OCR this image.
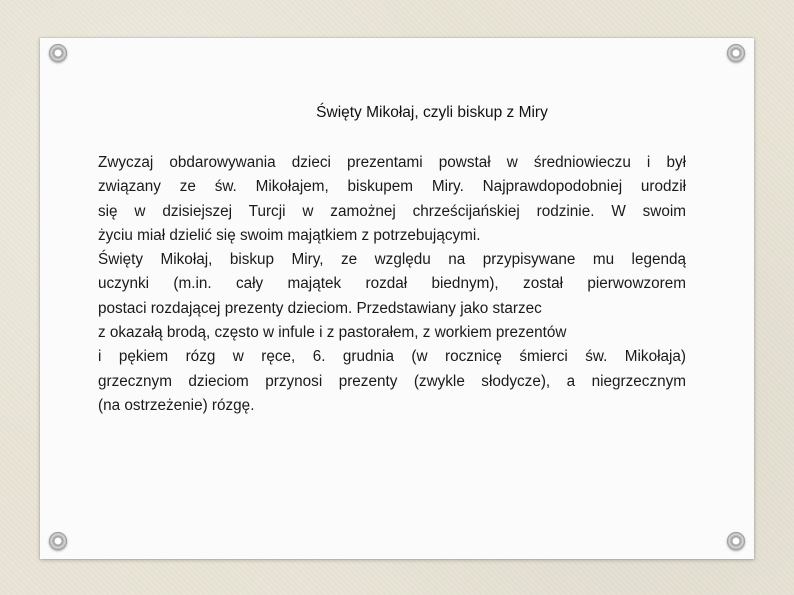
Święty Mikołaj, czyli biskup z Miry
Zwyczaj obdarowywania dzieci prezentami powstał w średniowieczu i był
związany ze św. Mikołajem, biskupem Miry. Najprawdopodobniej urodził
się w dzisiejszej Turcji w zamożnej chrześcijańskiej rodzinie. W swoim
życiu miał dzielić się swoim majątkiem z potrzebującymi.
Święty Mikołaj, biskup Miry, ze względu na przypisywane mu legendą
uczynki (m.in. cały majątek rozdał biednym), został pierwowzorem
postaci rozdającej prezenty dzieciom. Przedstawiany jako starzec
z okazałą brodą, często w infule i z pastorałem, z workiem prezentów
i pękiem rózg w ręce, 6. grudnia (w rocznicę śmierci św. Mikołaja)
grzecznym dzieciom przynosi prezenty (zwykle słodycze), a niegrzecznym
(na ostrzeżenie) rózgę.
